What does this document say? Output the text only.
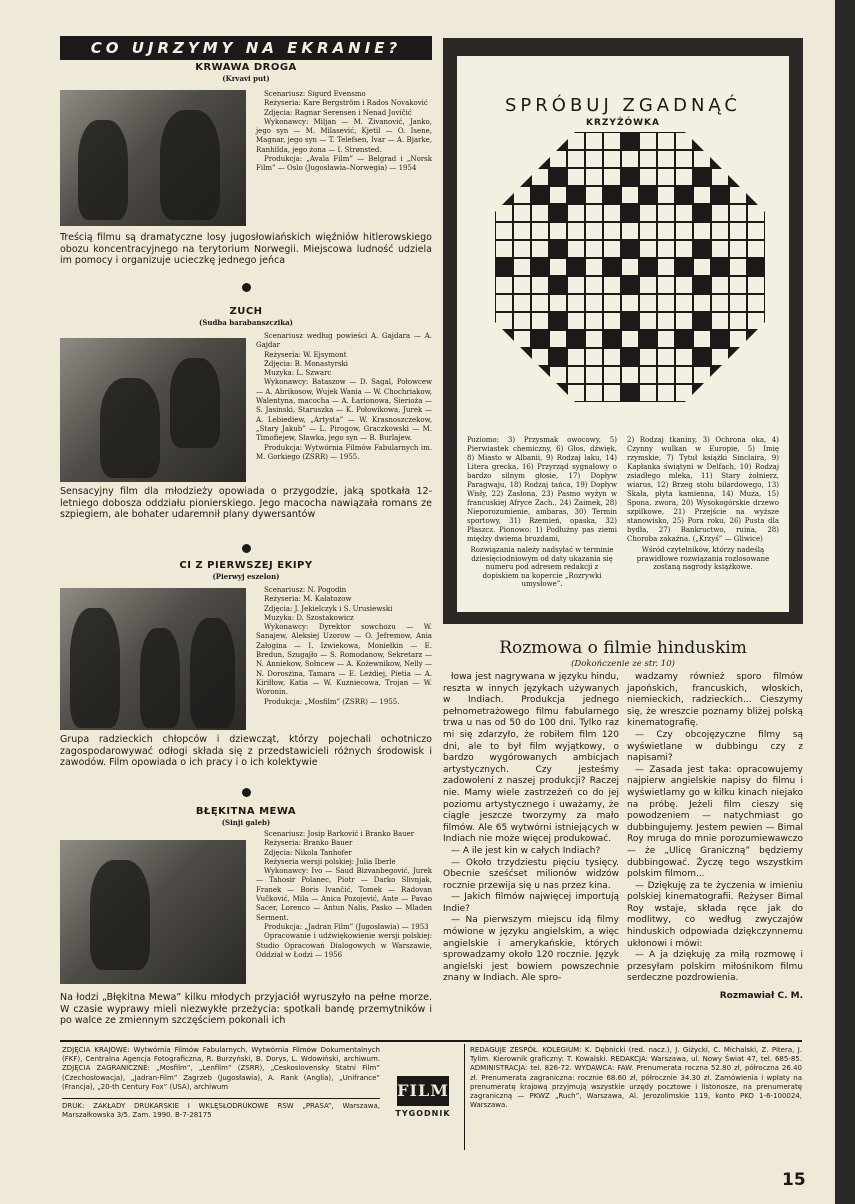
CO UJRZYMY NA EKRANIE?
KRWAWA DROGA
(Krvavi put)

Scenariusz: Sigurd Evensmo

Reżyseria: Kare Bergström i Rados Novaković

Zdjęcia: Ragnar Serensen i Nenad Jovičić

Wykonawcy: Miljan — M. Zivanović, Janko, jego syn — M. Milasević, Kjetil — O. Isene, Magnar, jego syn — T. Telefsen, Ivar — A. Bjarke, Ranhilda, jego żona — I. Strønsted.

Produkcja: „Avala Film” — Belgrad i „Norsk Film” — Oslo (Jugosławia–Norwegia) — 1954

Treścią filmu są dramatyczne losy jugosłowiańskich więźniów hitlerowskiego obozu koncentracyjnego na terytorium Norwegii. Miejscowa ludność udziela im pomocy i organizuje ucieczkę jednego jeńca
ZUCH
(Sudba barabanszczika)

Scenariusz według powieści A. Gajdara — A. Gajdar

Reżyseria: W. Ejsymont

Zdjęcia: B. Monastyrski

Muzyka: L. Szwarc

Wykonawcy: Bataszow — D. Sagal, Połowcew — A. Abrikosow, Wujek Wania — W. Chochriakow, Walentyna, macocha — A. Łarionowa, Sierioża — S. Jasinski, Staruszka — K. Połowikowa, Jurek — A. Lebiediew, „Artysta” — W. Krasnoszczekow, „Stary Jakub” — L. Pirogow, Graczkowski — M. Timofiejew, Sławka, jego syn — B. Burlajew.

Produkcja: Wytwórnia Filmów Fabularnych im. M. Gorkiego (ZSRR) — 1955.

Sensacyjny film dla młodzieży opowiada o przygodzie, jaką spotkała 12-letniego dobosza oddziału pionierskiego. Jego macocha nawiązała romans ze szpiegiem, ale bohater udaremnił plany dywersantów
CI Z PIERWSZEJ EKIPY
(Pierwyj eszelon)

Scenariusz: N. Pogodin

Reżyseria: M. Kałatozow

Zdjęcia: J. Jekielczyk i S. Urusiewski

Muzyka: D. Szostakowicz

Wykonawcy: Dyrektor sowchozu — W. Sanajew, Aleksiej Uzorow — O. Jefremow, Ania Załogina — I. Izwiekowa, Moniełkin — E. Bredun, Szugajło — S. Romodanow, Sekretarz — N. Anniekow, Sołncew — A. Kożewnikow, Nelly — N. Dorosżina, Tamara — E. Leżdiej, Pietia — A. Kiriłłow, Katia — W. Kuznieсowa, Trojan — W. Woronin.

Produkcja: „Mosfilm” (ZSRR) — 1955.

Grupa radzieckich chłopców i dziewcząt, którzy pojechali ochotniczo zagospodarowywać odłogi składa się z przedstawicieli różnych środowisk i zawodów. Film opowiada o ich pracy i o ich kolektywie
BŁĘKITNA MEWA
(Sinji galeb)

Scenariusz: Josip Barković i Branko Bauer

Reżyseria: Branko Bauer

Zdjęcia: Nikola Tanhofer

Reżyseria wersji polskiej: Julia Iberle

Wykonawcy: Ivo — Saud Bizvanbegović, Jurek — Tahosir Polanec, Piotr — Darko Slivnjak, Franek — Boris Ivančić, Tomek — Radovan Vučković, Mila — Anica Pozojević, Ante — Pavao Sacer, Lorenco — Antun Nalis, Pasko — Mladen Serment.

Produkcja: „Jadran Film” (Jugosławia) — 1953

Opracowanie i udźwiękowienie wersji polskiej: Studio Opracowań Dialogowych w Warszawie, Oddział w Łodzi — 1956

Na łodzi „Błękitna Mewa” kilku młodych przyjaciół wyruszyło na pełne morze. W czasie wyprawy mieli niezwykłe przeżycia: spotkali bandę przemytników i po walce ze zmiennym szczęściem pokonali ich
SPRÓBUJ ZGADNĄĆ
KRZYŻÓWKA
Poziomo: 3) Przysmak owocowy, 5) Pierwiastek chemiczny, 6) Głos, dźwięk, 8) Miasto w Albanii, 9) Rodzaj laku, 14) Litera grecka, 16) Przyrząd sygnałowy o bardzo silnym głosie, 17) Dopływ Paragwaju, 18) Rodzaj tańca, 19) Dopływ Wisły, 22) Zasłona, 23) Pasmo wyżyn w francuskiej Afryce Zach., 24) Zaimek, 28) Nieporozumienie, ambaras, 30) Termin sportowy, 31) Rzemień, opaska, 32) Płaszcz. Pionowo: 1) Podłużny pas ziemi między dwiema bruzdami,
2) Rodzaj tkaniny, 3) Ochrona oka, 4) Czynny wulkan w Europie, 5) Imię rzymskie, 7) Tytuł książki Sinclaira, 9) Kapłanka świątyni w Delfach, 10) Rodzaj zsiadłego mleka, 11) Stary żołnierz, wiarus, 12) Brzeg stołu bilardowego, 13) Skała, płyta kamienna, 14) Muza, 15) Spona, zwora, 20) Wysokogórskie drzewo szpilkowe, 21) Przejście na wyższe stanowisko, 25) Pora roku, 26) Pusta dla bydła, 27) Bankructwo, ruina, 28) Choroba zakaźna. („Krzyś” — Gliwice)
Rozwiązania należy nadsyłać w terminie dziesięciodniowym od daty ukazania się numeru pod adresem redakcji z dopiskiem na kopercie „Rozrywki umysłowe”.
Wśród czytelników, którzy nadeślą prawidłowe rozwiązania rozlosowane zostaną nagrody książkowe.
Rozmowa o filmie hinduskim
(Dokończenie ze str. 10)

łowa jest nagrywana w języku hindu, reszta w innych językach używanych w Indiach. Produkcja jednego pełnometrażowego filmu fabularnego trwa u nas od 50 do 100 dni. Tylko raz mi się zdarzyło, że robiłem film 120 dni, ale to był film wyjątkowy, o bardzo wygórowanych ambicjach artystycznych. Czy jesteśmy zadowoleni z naszej produkcji? Raczej nie. Mamy wiele zastrzeżeń co do jej poziomu artystycznego i uważamy, że ciągle jeszcze tworzymy za mało filmów. Ale 65 wytwórni istniejących w Indiach nie może więcej produkować.

— A ile jest kin w całych Indiach?

— Około trzydziestu pięciu tysięcy. Obecnie sześćset milionów widzów rocznie przewija się u nas przez kina.

— Jakich filmów najwięcej importują Indie?

— Na pierwszym miejscu idą filmy mówione w języku angielskim, a więc angielskie i amerykańskie, których sprowadzamy około 120 rocznie. Język angielski jest bowiem powszechnie znany w Indiach. Ale spro-

wadzamy również sporo filmów japońskich, francuskich, włoskich, niemieckich, radzieckich... Cieszymy się, że wreszcie poznamy bliżej polską kinematografię.

— Czy obcojęzyczne filmy są wyświetlane w dubbingu czy z napisami?

— Zasada jest taka: opracowujemy najpierw angielskie napisy do filmu i wyświetlamy go w kilku kinach niejako na próbę. Jeżeli film cieszy się powodzeniem — natychmiast go dubbingujemy. Jestem pewien — Bimal Roy mruga do mnie porozumiewawczo — że „Ulicę Graniczną” będziemy dubbingować. Życzę tego wszystkim polskim filmom...

— Dziękuję za te życzenia w imieniu polskiej kinematografii. Reżyser Bimal Roy wstaje, składa ręce jak do modlitwy, co według zwyczajów hinduskich odpowiada dziękczynnemu ukłonowi i mówi:

— A ja dziękuję za miłą rozmowę i przesyłam polskim miłośnikom filmu serdeczne pozdrowienia.

Rozmawiał C. M.
ZDJĘCIA KRAJOWE: Wytwórnia Filmów Fabularnych, Wytwórnia Filmów Dokumentalnych (FKF), Centralna Agencja Fotograficzna, R. Burzyński, B. Dorys, L. Wdowiński, archiwum. ZDJĘCIA ZAGRANICZNE: „Mosfilm”, „Lenfilm” (ZSRR), „Ceskoslovensky Statni Film” (Czechosłowacja), „Jadran-Film” Zagrzeb (Jugosławia), A. Rank (Anglia), „Unifrance” (Francja), „20-th Century Fox” (USA), archiwum
DRUK: ZAKŁADY DRUKARSKIE I WKLĘSŁODRUKOWE RSW „PRASA”, Warszawa, Marszałkowska 3/5. Zam. 1990. B-7-28175
FILM
TYGODNIK
REDAGUJE ZESPÓŁ. KOLEGIUM: K. Dębnicki (red. nacz.), J. Giżycki, C. Michalski, Z. Pitera, J. Tylim. Kierownik graficzny: T. Kowalski. REDAKCJA: Warszawa, ul. Nowy Świat 47, tel. 685-85. ADMINISTRACJA: tel. 826-72. WYDAWCA: FAW. Prenumerata roczna 52.80 zł, półroczna 26.40 zł. Prenumerata zagraniczna: rocznie 68.60 zł, półrocznie 34.30 zł. Zamówienia i wpłaty na prenumeratę krajową przyjmują wszystkie urzędy pocztowe i listonosze, na prenumeratę zagraniczną — PKWZ „Ruch”, Warszawa, Al. Jerozolimskie 119, konto PKO 1-6-100024, Warszawa.
15
